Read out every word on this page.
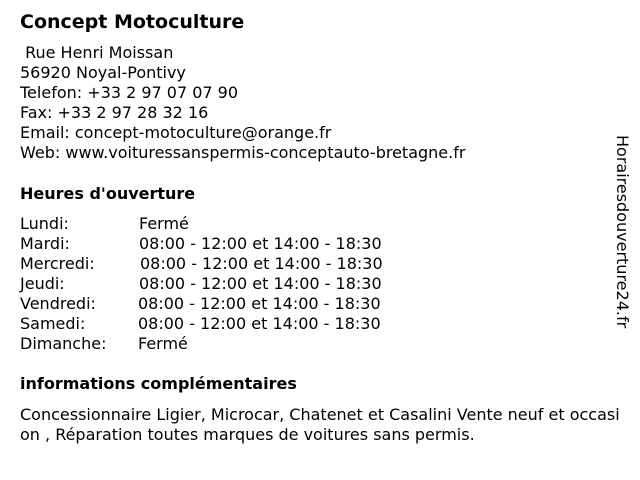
Concept Motoculture
Rue Henri Moissan
56920 Noyal-Pontivy
Telefon: +33 2 97 07 07 90
Fax: +33 2 97 28 32 16
Email: concept-motoculture@orange.fr
Web: www.voituressanspermis-conceptauto-bretagne.fr
Heures d'ouverture
Lundi:	Fermé
Mardi:	08:00 - 12:00 et 14:00 - 18:30
Mercredi:	08:00 - 12:00 et 14:00 - 18:30
Jeudi:	08:00 - 12:00 et 14:00 - 18:30
Vendredi:	08:00 - 12:00 et 14:00 - 18:30
Samedi:	08:00 - 12:00 et 14:00 - 18:30
Dimanche: Fermé
informations complémentaires
Concessionnaire Ligier, Microcar, Chatenet et Casalini Vente neuf et occasion , Réparation toutes marques de voitures sans permis.
Horairesdouverture24.fr
